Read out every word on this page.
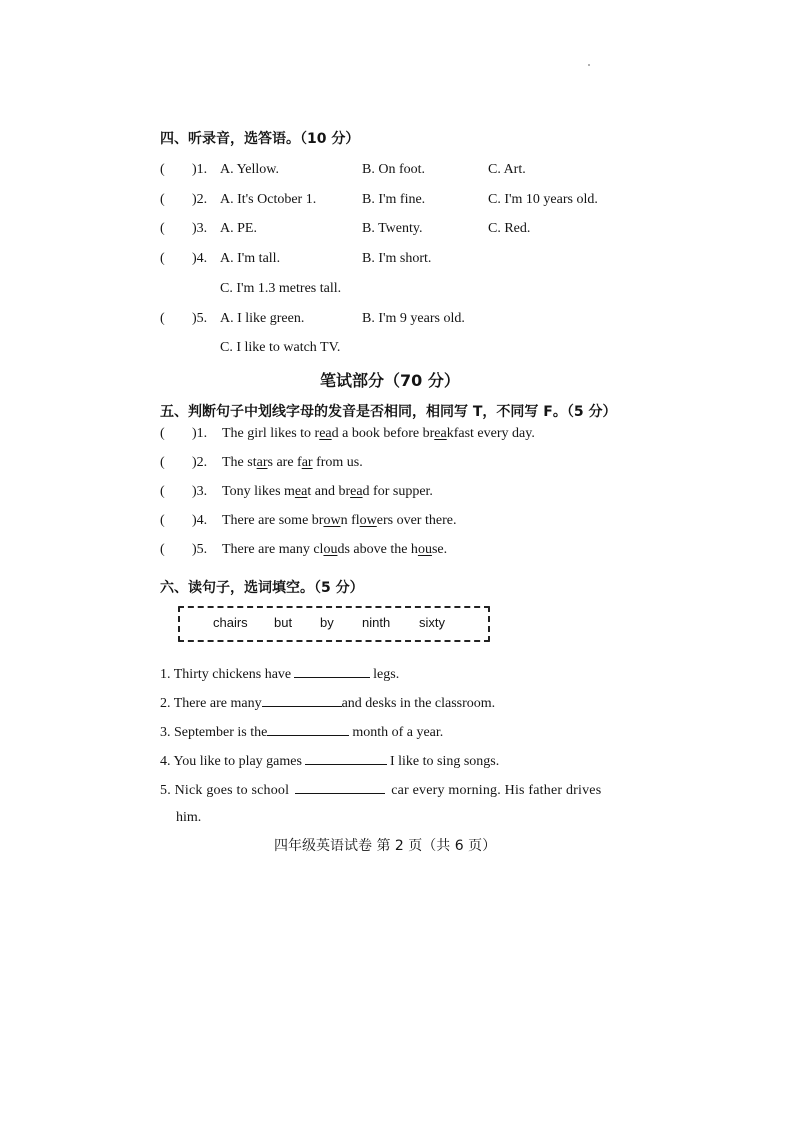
四、听录音，选答语。（10 分）
( )1. A. Yellow.	B. On foot.	C. Art.
( )2. A. It's October 1.	B. I'm fine.	C. I'm 10 years old.
( )3. A. PE.	B. Twenty.	C. Red.
( )4. A. I'm tall.	B. I'm short.
C. I'm 1.3 metres tall.
( )5. A. I like green.	B. I'm 9 years old.
C. I like to watch TV.
笔试部分（70 分）
五、判断句子中划线字母的发音是否相同，相同写 T，不同写 F。（5 分）
( )1. The girl likes to read a book before breakfast every day.
( )2. The stars are far from us.
( )3. Tony likes meat and bread for supper.
( )4. There are some brown flowers over there.
( )5. There are many clouds above the house.
六、读句子，选词填空。（5 分）
chairs but by ninth sixty
1. Thirty chickens have	legs.
2. There are many	and desks in the classroom.
3. September is the	month of a year.
4. You like to play games	I like to sing songs.
5. Nick goes to school	car every morning. His father drives
him.
四年级英语试卷 第 2 页（共 6 页）
